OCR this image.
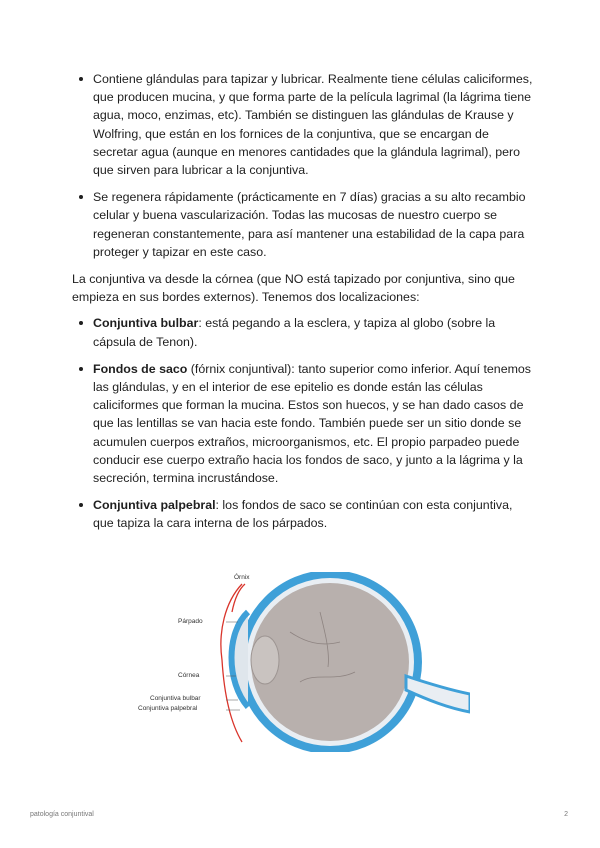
Contiene glándulas para tapizar y lubricar. Realmente tiene células caliciformes, que producen mucina, y que forma parte de la película lagrimal (la lágrima tiene agua, moco, enzimas, etc). También se distinguen las glándulas de Krause y Wolfring, que están en los fornices de la conjuntiva, que se encargan de secretar agua (aunque en menores cantidades que la glándula lagrimal), pero que sirven para lubricar a la conjuntiva.
Se regenera rápidamente (prácticamente en 7 días) gracias a su alto recambio celular y buena vascularización. Todas las mucosas de nuestro cuerpo se regeneran constantemente, para así mantener una estabilidad de la capa para proteger y tapizar en este caso.

La conjuntiva va desde la córnea (que NO está tapizado por conjuntiva, sino que empieza en sus bordes externos). Tenemos dos localizaciones:

Conjuntiva bulbar: está pegando a la esclera, y tapiza al globo (sobre la cápsula de Tenon).
Fondos de saco (fórnix conjuntival): tanto superior como inferior. Aquí tenemos las glándulas, y en el interior de ese epitelio es donde están las células caliciformes que forman la mucina. Estos son huecos, y se han dado casos de que las lentillas se van hacia este fondo. También puede ser un sitio donde se acumulen cuerpos extraños, microorganismos, etc. El propio parpadeo puede conducir ese cuerpo extraño hacia los fondos de saco, y junto a la lágrima y la secreción, termina incrustándose.
Conjuntiva palpebral: los fondos de saco se continúan con esta conjuntiva, que tapiza la cara interna de los párpados.
Órnix
Párpado
Córnea
Conjuntiva bulbar
Conjuntiva palpebral
patología conjuntival	2
